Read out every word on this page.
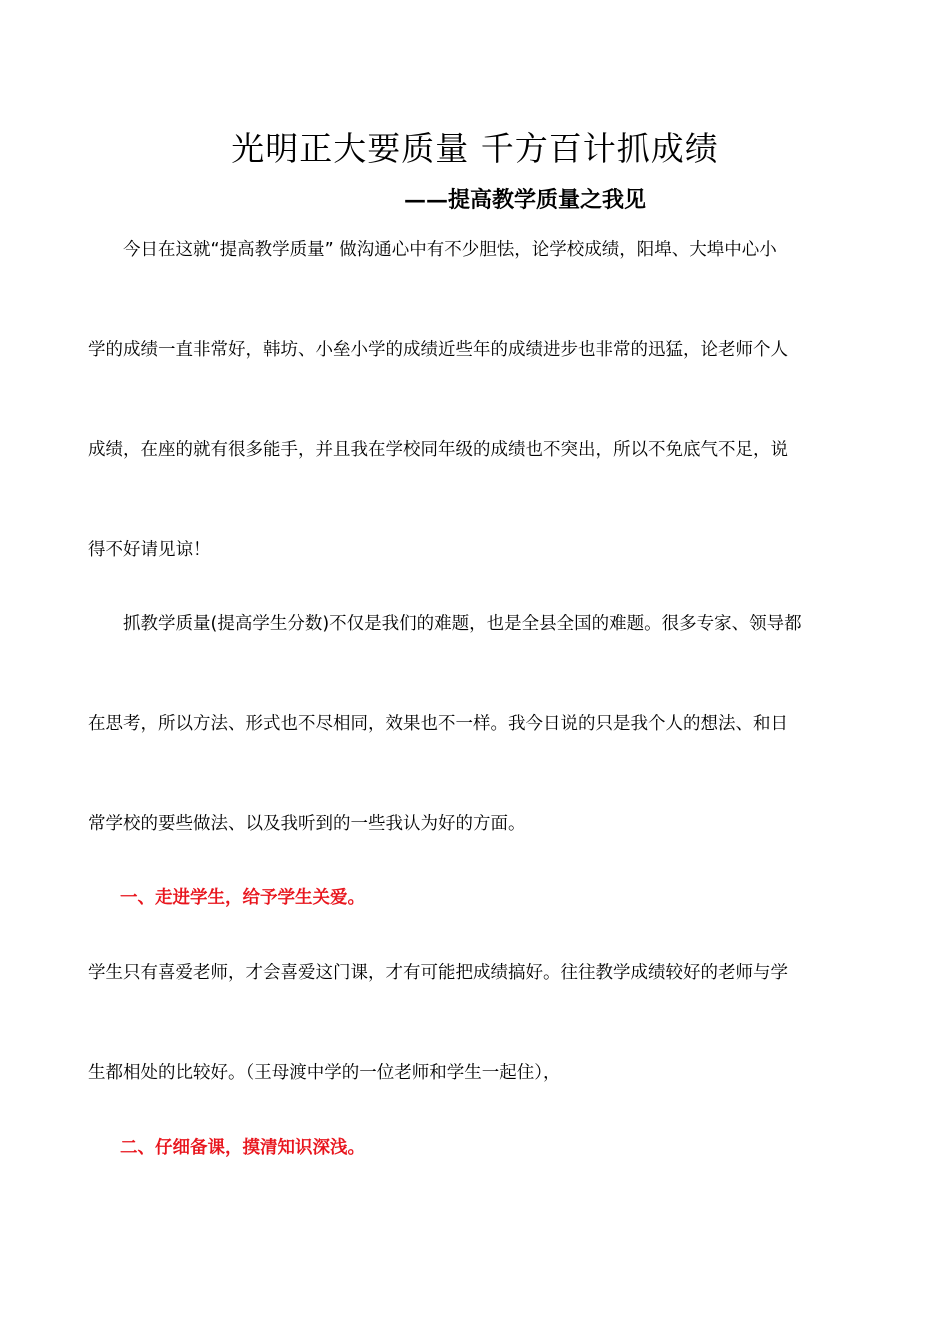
光明正大要质量 千方百计抓成绩
——提高教学质量之我见
今日在这就“提高教学质量” 做沟通心中有不少胆怯，论学校成绩，阳埠、大埠中心小
学的成绩一直非常好，韩坊、小垒小学的成绩近些年的成绩进步也非常的迅猛，论老师个人
成绩，在座的就有很多能手，并且我在学校同年级的成绩也不突出，所以不免底气不足，说
得不好请见谅！
抓教学质量(提高学生分数)不仅是我们的难题，也是全县全国的难题。很多专家、领导都
在思考，所以方法、形式也不尽相同，效果也不一样。我今日说的只是我个人的想法、和日
常学校的要些做法、以及我听到的一些我认为好的方面。
一、走进学生，给予学生关爱。
学生只有喜爱老师，才会喜爱这门课，才有可能把成绩搞好。往往教学成绩较好的老师与学
生都相处的比较好。（王母渡中学的一位老师和学生一起住），
二、仔细备课，摸清知识深浅。
